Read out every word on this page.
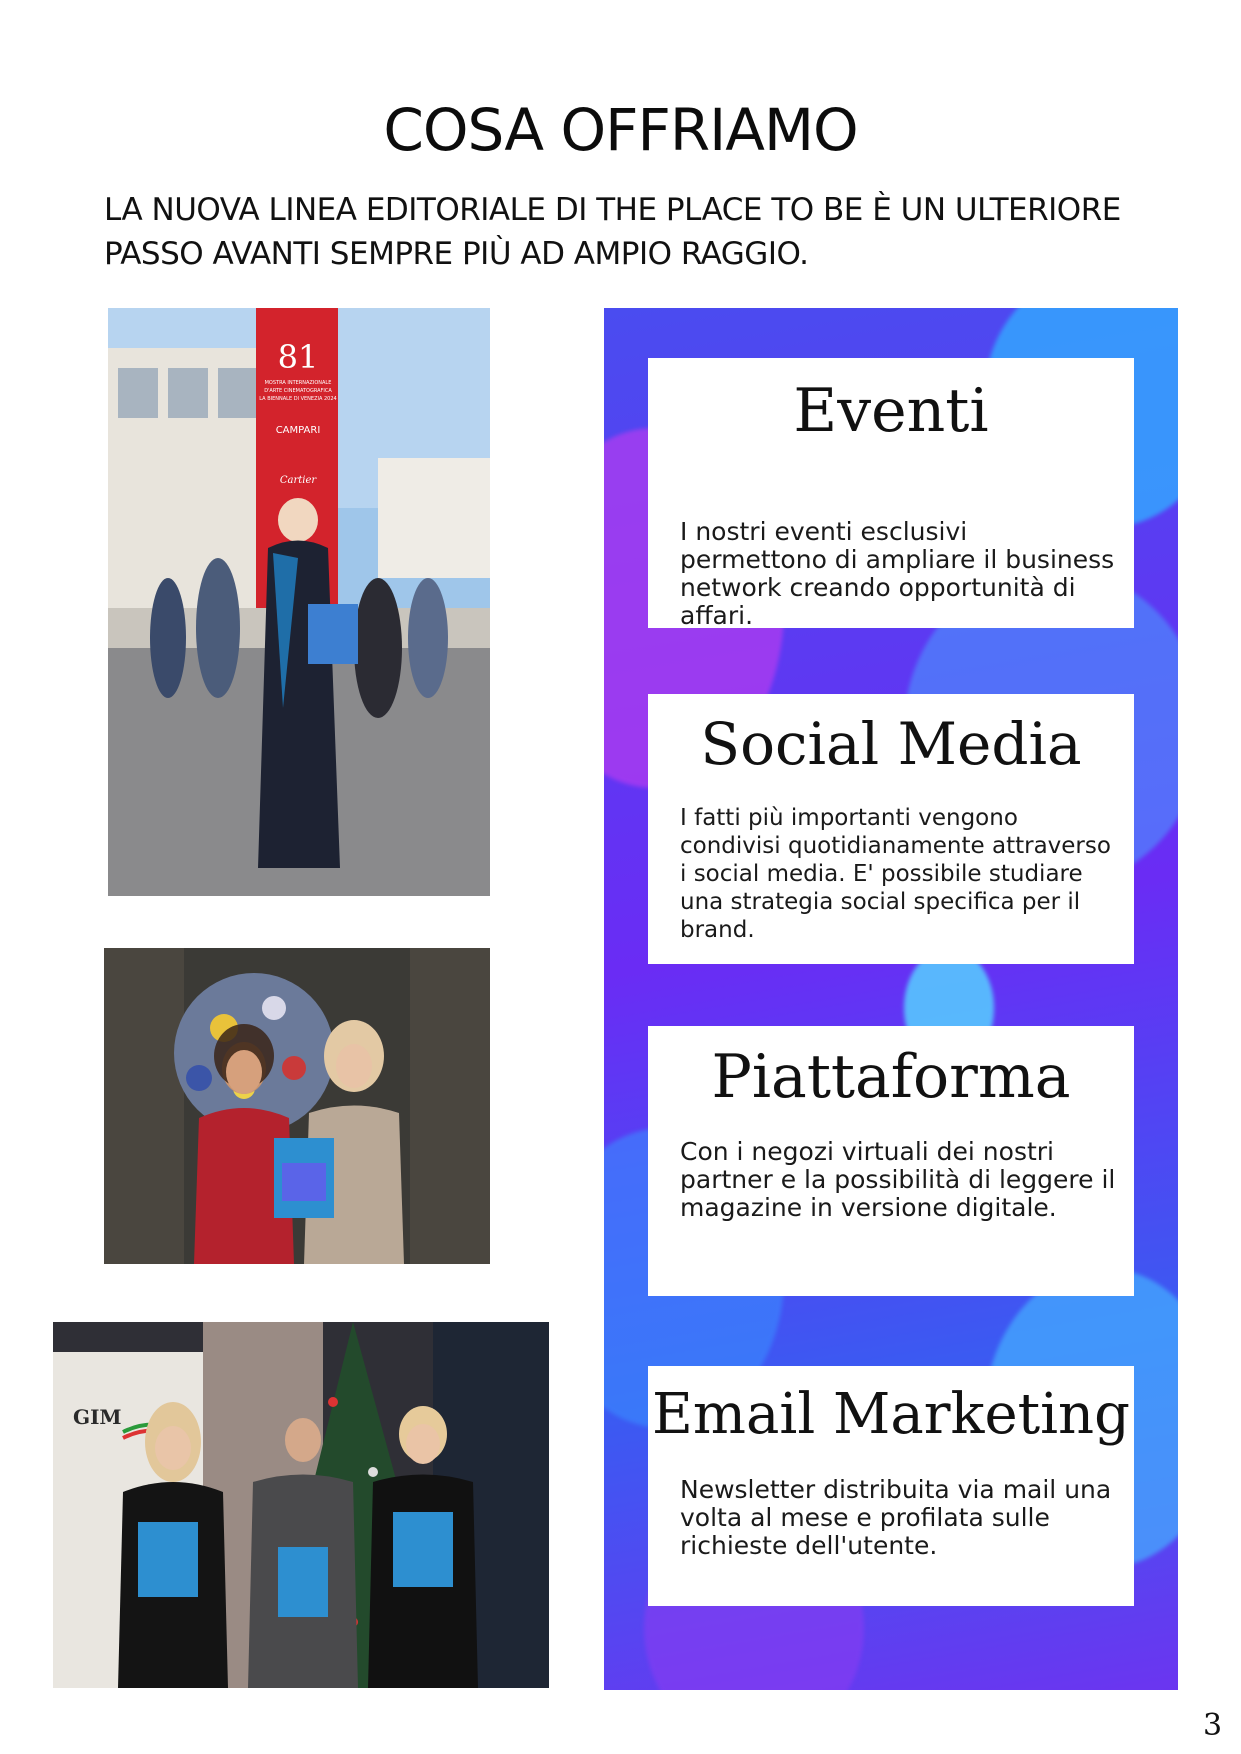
COSA OFFRIAMO

LA NUOVA LINEA EDITORIALE DI THE PLACE TO BE È UN ULTERIORE PASSO AVANTI SEMPRE PIÙ AD AMPIO RAGGIO.

81
MOSTRA INTERNAZIONALE
D'ARTE CINEMATOGRAFICA
LA BIENNALE DI VENEZIA 2024
CAMPARI
Cartier
GIM
Eventi

I nostri eventi esclusivi permettono di ampliare il business network creando opportunità di affari.

Social Media

I fatti più importanti vengono condivisi quotidianamente attraverso i social media. E' possibile studiare una strategia social specifica per il brand.

Piattaforma

Con i negozi virtuali dei nostri partner e la possibilità di leggere il magazine in versione digitale.

Email Marketing

Newsletter distribuita via mail una volta al mese e profilata sulle richieste dell'utente.

3
